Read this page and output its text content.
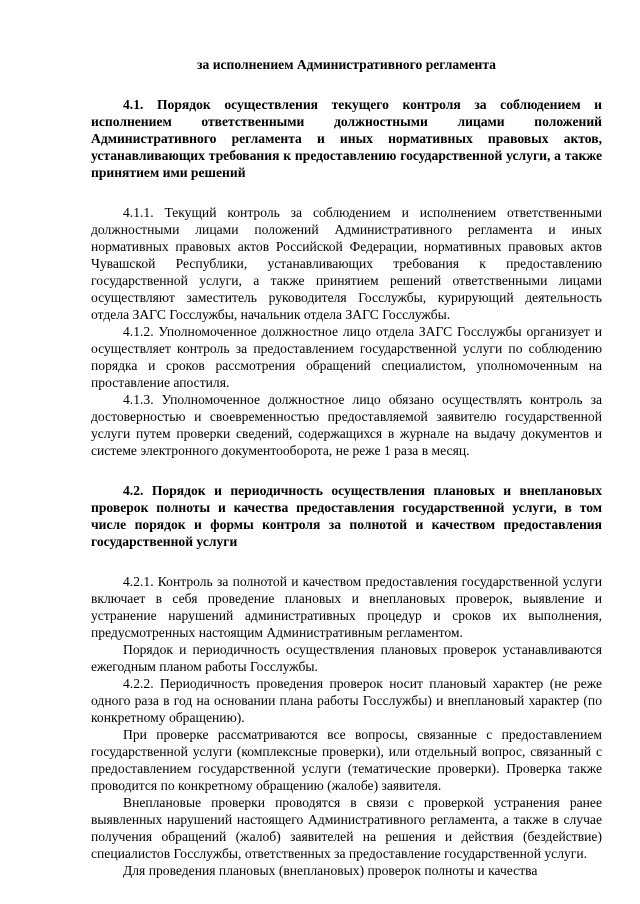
за исполнением Административного регламента
4.1. Порядок осуществления текущего контроля за соблюдением и исполнением ответственными должностными лицами положений Административного регламента и иных нормативных правовых актов, устанавливающих требования к предоставлению государственной услуги, а также принятием ими решений

4.1.1. Текущий контроль за соблюдением и исполнением ответственными должностными лицами положений Административного регламента и иных нормативных правовых актов Российской Федерации, нормативных правовых актов Чувашской Республики, устанавливающих требования к предоставлению государственной услуги, а также принятием решений ответственными лицами осуществляют заместитель руководителя Госслужбы, курирующий деятельность отдела ЗАГС Госслужбы, начальник отдела ЗАГС Госслужбы.

4.1.2. Уполномоченное должностное лицо отдела ЗАГС Госслужбы организует и осуществляет контроль за предоставлением государственной услуги по соблюдению порядка и сроков рассмотрения обращений специалистом, уполномоченным на проставление апостиля.

4.1.3. Уполномоченное должностное лицо обязано осуществлять контроль за достоверностью и своевременностью предоставляемой заявителю государственной услуги путем проверки сведений, содержащихся в журнале на выдачу документов и системе электронного документооборота, не реже 1 раза в месяц.

4.2. Порядок и периодичность осуществления плановых и внеплановых проверок полноты и качества предоставления государственной услуги, в том числе порядок и формы контроля за полнотой и качеством предоставления государственной услуги

4.2.1. Контроль за полнотой и качеством предоставления государственной услуги включает в себя проведение плановых и внеплановых проверок, выявление и устранение нарушений административных процедур и сроков их выполнения, предусмотренных настоящим Административным регламентом.

Порядок и периодичность осуществления плановых проверок устанавливаются ежегодным планом работы Госслужбы.

4.2.2. Периодичность проведения проверок носит плановый характер (не реже одного раза в год на основании плана работы Госслужбы) и внеплановый характер (по конкретному обращению).

При проверке рассматриваются все вопросы, связанные с предоставлением государственной услуги (комплексные проверки), или отдельный вопрос, связанный с предоставлением государственной услуги (тематические проверки). Проверка также проводится по конкретному обращению (жалобе) заявителя.

Внеплановые проверки проводятся в связи с проверкой устранения ранее выявленных нарушений настоящего Административного регламента, а также в случае получения обращений (жалоб) заявителей на решения и действия (бездействие) специалистов Госслужбы, ответственных за предоставление государственной услуги.

Для проведения плановых (внеплановых) проверок полноты и качества
